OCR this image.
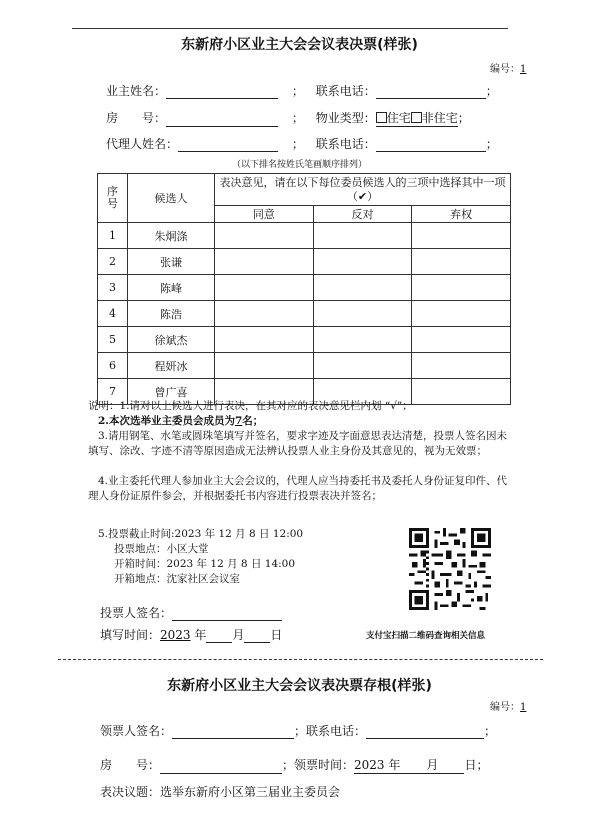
东新府小区业主大会会议表决票(样张)
编号：1
业主姓名：	； 联系电话：	；
房　　号：	； 物业类型： 住宅 非住宅；
代理人姓名：	； 联系电话：	；
（以下排名按姓氏笔画顺序排列）
序号	候选人	表决意见，请在以下每位委员候选人的三项中选择其中一项（✔）		
		同意	反对	弃权
1	朱炯涤			
2	张谦			
3	陈峰			
4	陈浩			
5	徐斌杰			
6	程妍冰			
7	曾广喜			
说明：1.请对以上候选人进行表决，在其对应的表决意见栏内划 “√”；
2.本次选举业主委员会成员为7名；
3.请用钢笔、水笔或圆珠笔填写并签名，要求字迹及字面意思表达清楚，投票人签名因未填写、涂改、字迹不清等原因造成无法辨认投票人业主身份及其意见的，视为无效票；
4.业主委托代理人参加业主大会会议的，代理人应当持委托书及委托人身份证复印件、代理人身份证原件参会，并根据委托书内容进行投票表决并签名；
5.投票截止时间:2023 年 12 月 8 日 12:00
投票地点：小区大堂
开箱时间：2023 年 12 月 8 日 14:00
开箱地点：沈家社区会议室
投票人签名：
填写时间：2023 年 月 日	支付宝扫描二维码查询相关信息
东新府小区业主大会会议表决票存根(样张)
编号：1
领票人签名：	；联系电话：	；
房　　号：	；领票时间：2023 年 月 日；
表决议题：选举东新府小区第三届业主委员会
